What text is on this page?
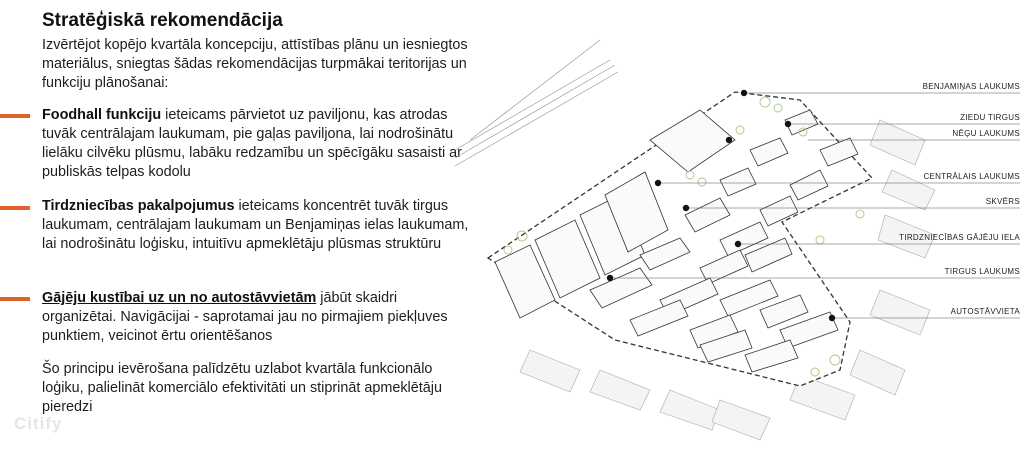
Stratēģiskā rekomendācija

Izvērtējot kopējo kvartāla koncepciju, attīstības plānu un iesniegtos materiālus, sniegtas šādas rekomendācijas turpmākai teritorijas un funkciju plānošanai:

Foodhall funkciju ieteicams pārvietot uz paviljonu, kas atrodas tuvāk centrālajam laukumam, pie gaļas paviljona, lai nodrošinātu lielāku cilvēku plūsmu, labāku redzamību un spēcīgāku sasaisti ar publiskās telpas kodolu

Tirdzniecības pakalpojumus ieteicams koncentrēt tuvāk tirgus laukumam, centrālajam laukumam un Benjamiņas ielas laukumam, lai nodrošinātu loģisku, intuitīvu apmeklētāju plūsmas struktūru

Gājēju kustībai uz un no autostāvvietām jābūt skaidri organizētai. Navigācijai - saprotamai jau no pirmajiem piekļuves punktiem, veicinot ērtu orientēšanos

Šo principu ievērošana palīdzētu uzlabot kvartāla funkcionālo loģiku, palielināt komerciālo efektivitāti un stiprināt apmeklētāju pieredzi

Citify
BENJAMIŅAS LAUKUMS
ZIEDU TIRGUS
NĒĢU LAUKUMS
CENTRĀLAIS LAUKUMS
SKVĒRS
TIRDZNIECĪBAS GĀJĒJU IELA
TIRGUS LAUKUMS
AUTOSTĀVVIETA
